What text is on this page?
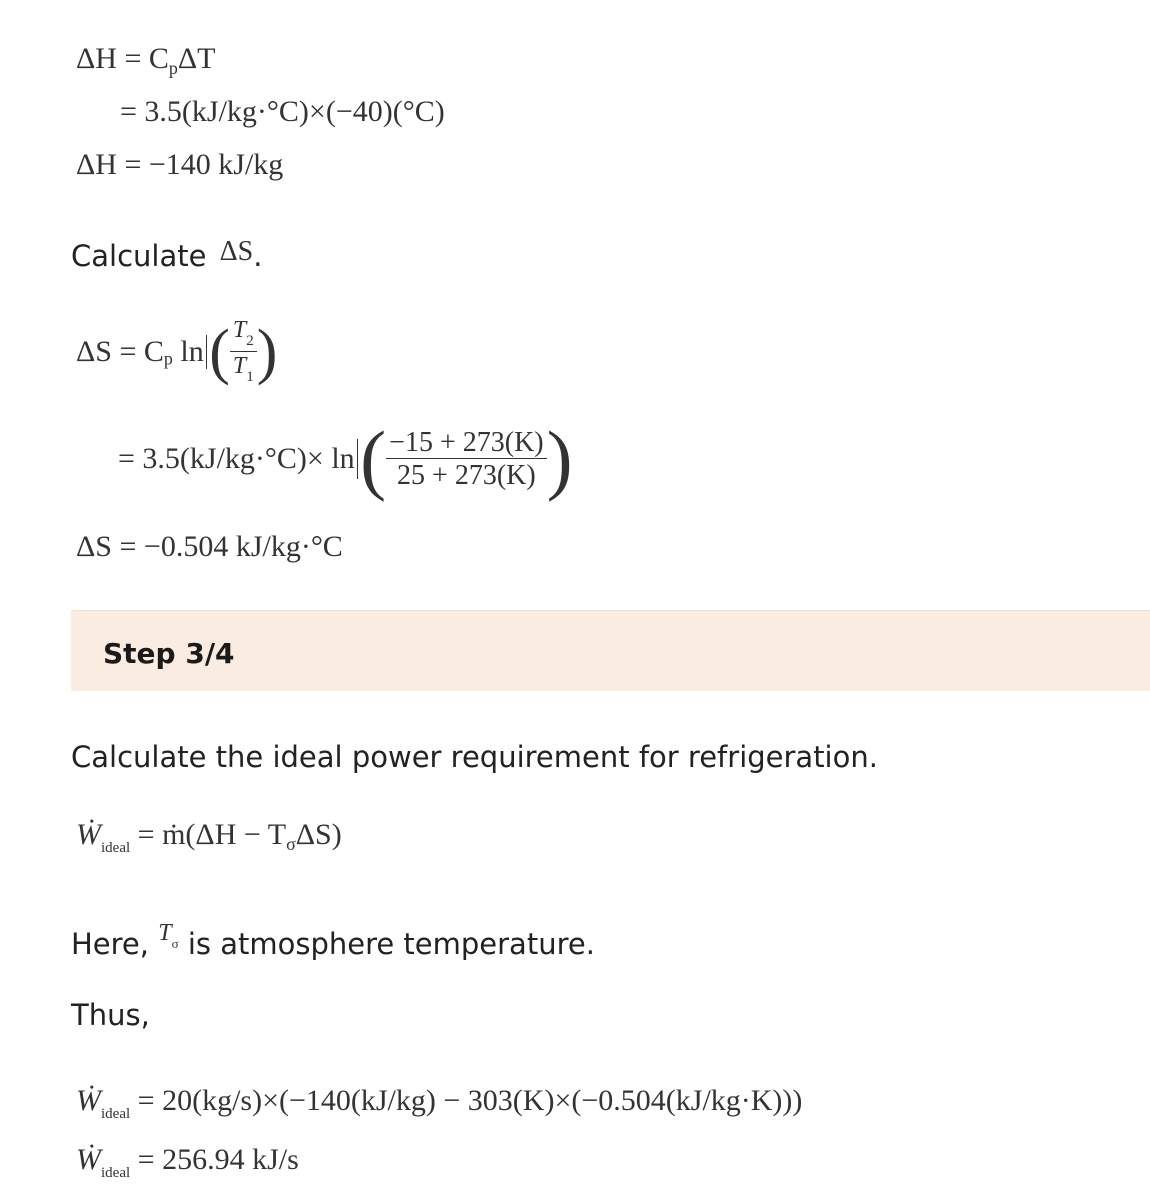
$\Delta H = C_p\Delta T$
= 3.5(kJ/kg·°C)×(−40)(°C)
ΔH = −140 kJ/kg
Calculate ΔS.
$\Delta S = C_p$ $\ln( \frac{T_2}{T_1}$ )
= $3.5(kJ/kg\cdot^\circ C)\times \ln( \frac{-15 + 273(K)}{25 + 273(K)}$ )
ΔS = −0.504 kJ/kg·°C
Step 3/4
Calculate the ideal power requirement for refrigeration.
Ẇ$_{ideal}$ = ṁ(ΔH − $T_\sigma\Delta S$)
Here, $^{T_\sigma}$ is atmosphere temperature.
Thus,
Ẇ$_{ideal}$ = 20(kg/s)×(−140(kJ/kg) − 303(K)×(−0.504(kJ/kg·K)))
Ẇ$_{ideal}$ = 256.94 kJ/s
